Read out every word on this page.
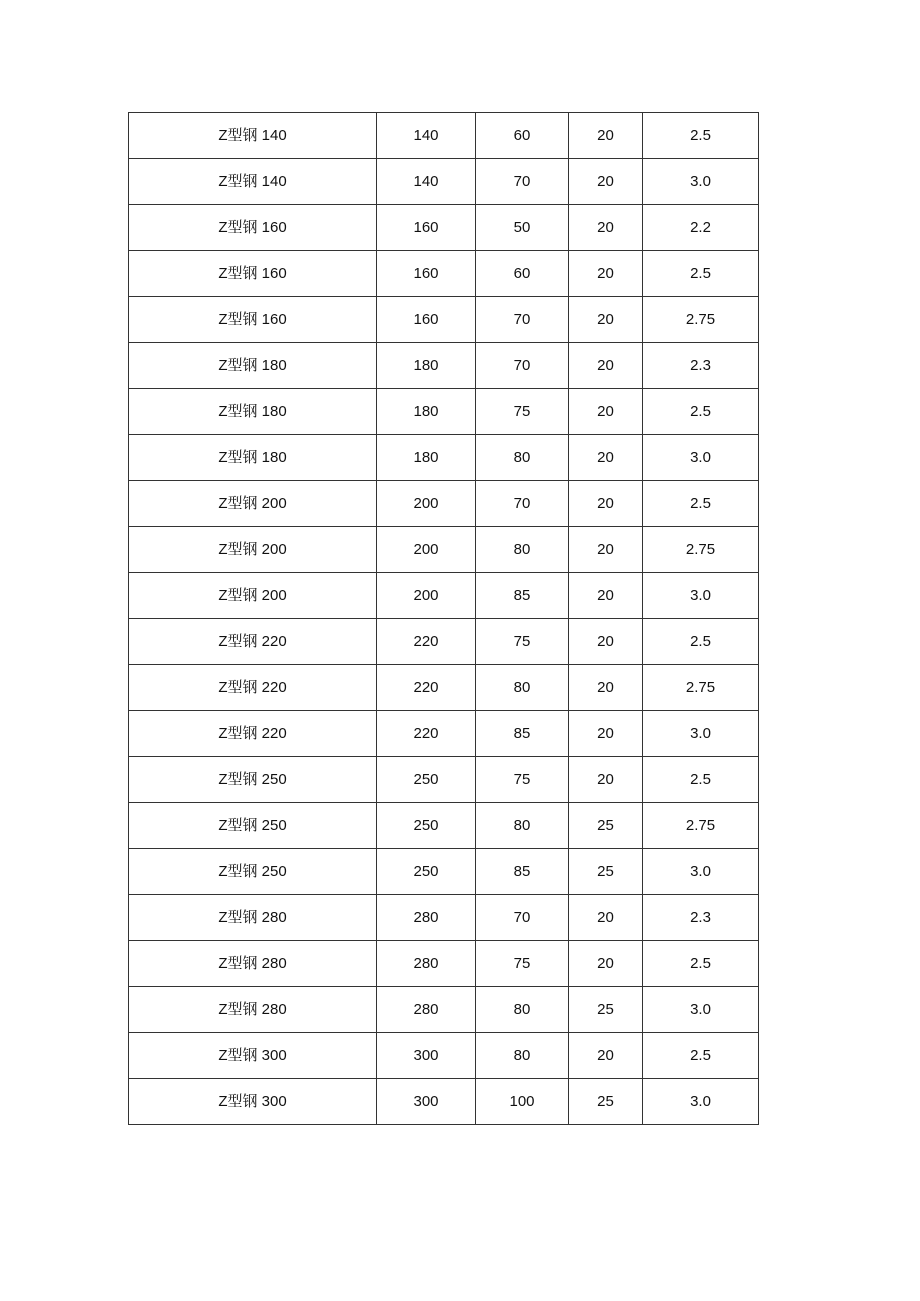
Z型钢 140	140	60	20	2.5
Z型钢 140	140	70	20	3.0
Z型钢 160	160	50	20	2.2
Z型钢 160	160	60	20	2.5
Z型钢 160	160	70	20	2.75
Z型钢 180	180	70	20	2.3
Z型钢 180	180	75	20	2.5
Z型钢 180	180	80	20	3.0
Z型钢 200	200	70	20	2.5
Z型钢 200	200	80	20	2.75
Z型钢 200	200	85	20	3.0
Z型钢 220	220	75	20	2.5
Z型钢 220	220	80	20	2.75
Z型钢 220	220	85	20	3.0
Z型钢 250	250	75	20	2.5
Z型钢 250	250	80	25	2.75
Z型钢 250	250	85	25	3.0
Z型钢 280	280	70	20	2.3
Z型钢 280	280	75	20	2.5
Z型钢 280	280	80	25	3.0
Z型钢 300	300	80	20	2.5
Z型钢 300	300	100	25	3.0
